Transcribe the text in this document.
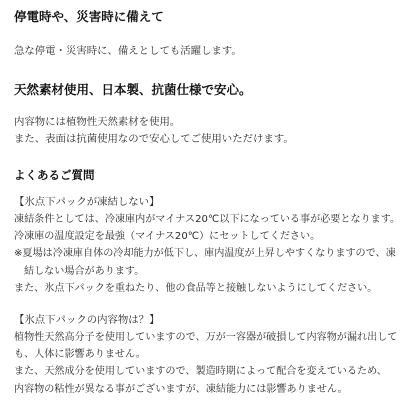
停電時や、災害時に備えて
急な停電・災害時に、備えとしても活躍します。
天然素材使用、日本製、抗菌仕様で安心。
内容物には植物性天然素材を使用。
また、表面は抗菌使用なので安心してご使用いただけます。
よくあるご質問
【氷点下パックが凍結しない】
凍結条件としては、冷凍庫内がマイナス20℃以下になっている事が必要となります。
冷凍庫の温度設定を最強（マイナス20℃）にセットしてください。
※夏場は冷凍庫自体の冷却能力が低下し、庫内温度が上昇しやすくなりますので、凍
結しない場合があります。
また、氷点下パックを重ねたり、他の食品等と接触しないようにしてください。
【氷点下パックの内容物は？】
植物性天然高分子を使用していますので、万が一容器が破損して内容物が漏れ出して
も、人体に影響ありません。
また、天然成分を使用していますので、製造時期によって配合を変えているため、
内容物の粘性が異なる事がございますが、凍結能力には影響ありません。
